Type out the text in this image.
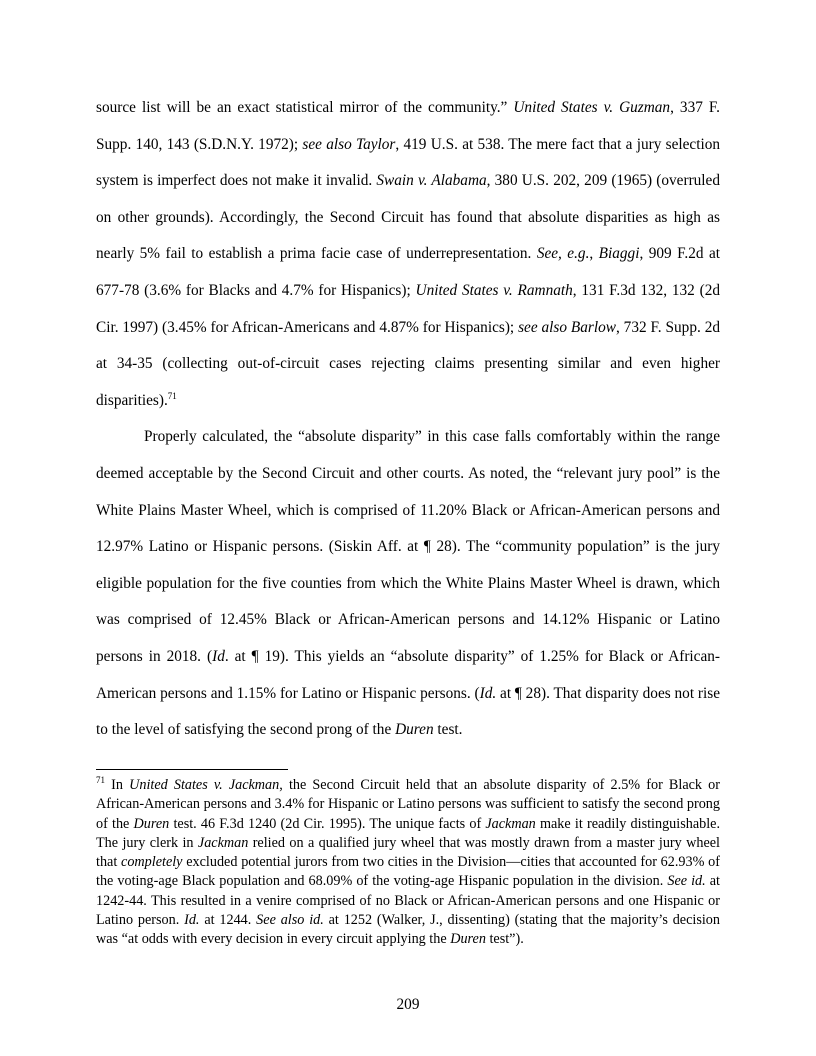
source list will be an exact statistical mirror of the community.” United States v. Guzman, 337 F. Supp. 140, 143 (S.D.N.Y. 1972); see also Taylor, 419 U.S. at 538. The mere fact that a jury selection system is imperfect does not make it invalid. Swain v. Alabama, 380 U.S. 202, 209 (1965) (overruled on other grounds). Accordingly, the Second Circuit has found that absolute disparities as high as nearly 5% fail to establish a prima facie case of underrepresentation. See, e.g., Biaggi, 909 F.2d at 677-78 (3.6% for Blacks and 4.7% for Hispanics); United States v. Ramnath, 131 F.3d 132, 132 (2d Cir. 1997) (3.45% for African-Americans and 4.87% for Hispanics); see also Barlow, 732 F. Supp. 2d at 34-35 (collecting out-of-circuit cases rejecting claims presenting similar and even higher disparities).$^{71}$

Properly calculated, the “absolute disparity” in this case falls comfortably within the range deemed acceptable by the Second Circuit and other courts. As noted, the “relevant jury pool” is the White Plains Master Wheel, which is comprised of 11.20% Black or African-American persons and 12.97% Latino or Hispanic persons. (Siskin Aff. at ¶ 28). The “community population” is the jury eligible population for the five counties from which the White Plains Master Wheel is drawn, which was comprised of 12.45% Black or African-American persons and 14.12% Hispanic or Latino persons in 2018. (Id. at ¶ 19). This yields an “absolute disparity” of 1.25% for Black or African-American persons and 1.15% for Latino or Hispanic persons. (Id. at ¶ 28). That disparity does not rise to the level of satisfying the second prong of the Duren test.

$^{71}$ In United States v. Jackman, the Second Circuit held that an absolute disparity of 2.5% for Black or African-American persons and 3.4% for Hispanic or Latino persons was sufficient to satisfy the second prong of the Duren test. 46 F.3d 1240 (2d Cir. 1995). The unique facts of Jackman make it readily distinguishable. The jury clerk in Jackman relied on a qualified jury wheel that was mostly drawn from a master jury wheel that completely excluded potential jurors from two cities in the Division—cities that accounted for 62.93% of the voting-age Black population and 68.09% of the voting-age Hispanic population in the division. See id. at 1242-44. This resulted in a venire comprised of no Black or African-American persons and one Hispanic or Latino person. Id. at 1244. See also id. at 1252 (Walker, J., dissenting) (stating that the majority’s decision was “at odds with every decision in every circuit applying the Duren test”).

209
